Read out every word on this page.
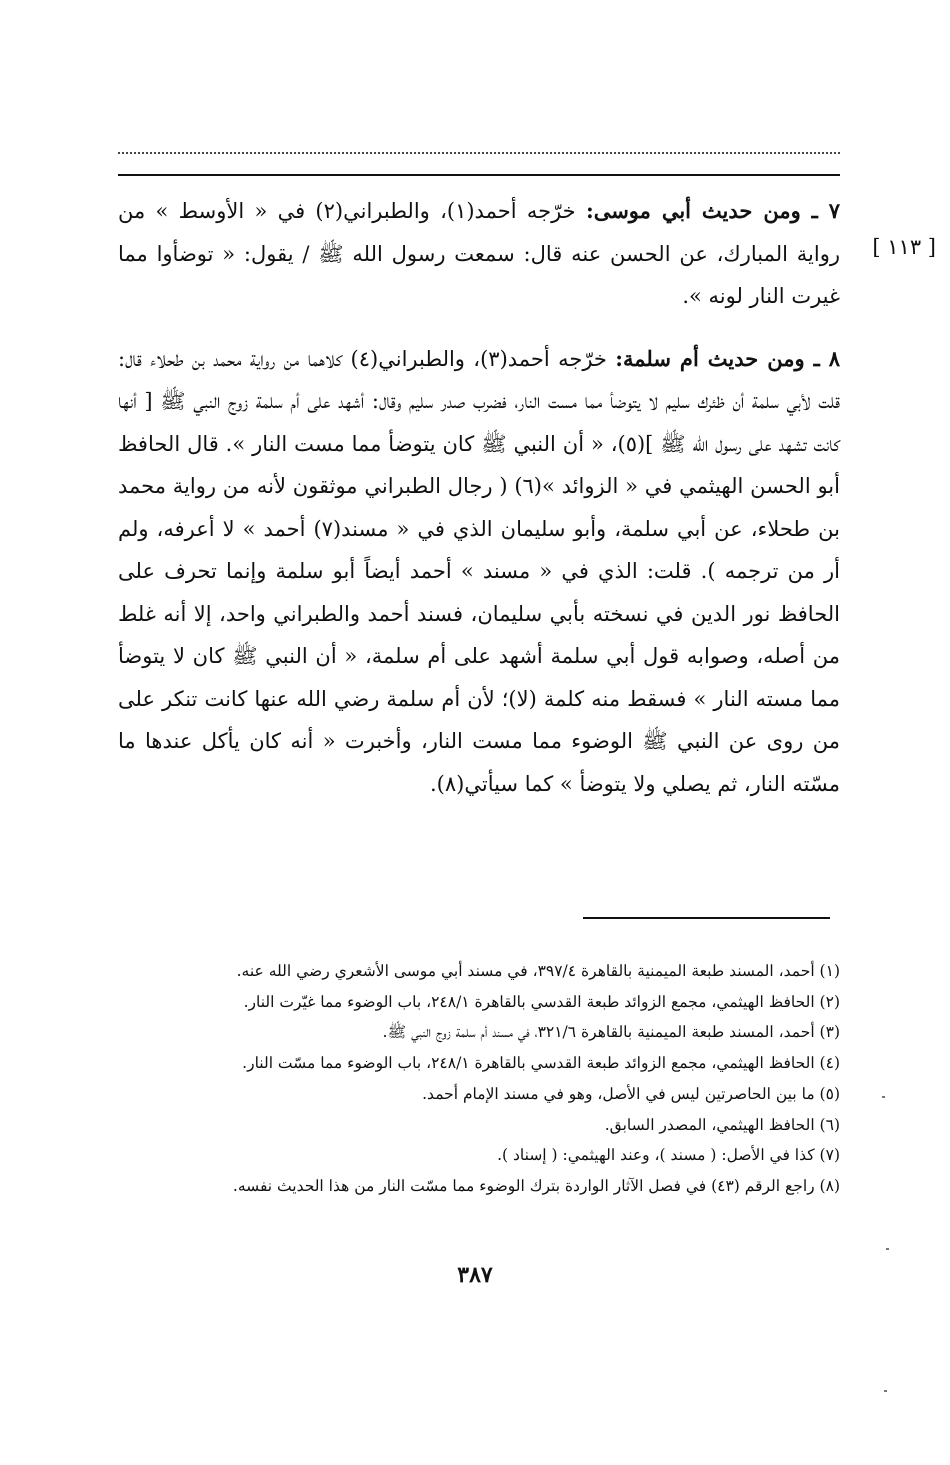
[ ١١٣ ]

٧ ـ ومن حديث أبي موسى: خرّجه أحمد(١)، والطبراني(٢) في « الأوسط » من رواية المبارك، عن الحسن عنه قال: سمعت رسول الله ﷺ / يقول: « توضأوا مما غيرت النار لونه ».

٨ ـ ومن حديث أم سلمة: خرّجه أحمد(٣)، والطبراني(٤) كلاهما من رواية محمد بن طحلاء قال: قلت لأبي سلمة أن ظئرك سليم لا يتوضأ مما مست النار، فضرب صدر سليم وقال: أشهد على أم سلمة زوج النبي ﷺ [ أنها كانت تشهد على رسول الله ﷺ ](٥)، « أن النبي ﷺ كان يتوضأ مما مست النار ». قال الحافظ أبو الحسن الهيثمي في « الزوائد »(٦) ( رجال الطبراني موثقون لأنه من رواية محمد بن طحلاء، عن أبي سلمة، وأبو سليمان الذي في « مسند(٧) أحمد » لا أعرفه، ولم أر من ترجمه ). قلت: الذي في « مسند » أحمد أيضاً أبو سلمة وإنما تحرف على الحافظ نور الدين في نسخته بأبي سليمان، فسند أحمد والطبراني واحد، إلا أنه غلط من أصله، وصوابه قول أبي سلمة أشهد على أم سلمة، « أن النبي ﷺ كان لا يتوضأ مما مسته النار » فسقط منه كلمة (لا)؛ لأن أم سلمة رضي الله عنها كانت تنكر على من روى عن النبي ﷺ الوضوء مما مست النار، وأخبرت « أنه كان يأكل عندها ما مسّته النار، ثم يصلي ولا يتوضأ » كما سيأتي(٨).

(١) أحمد، المسند طبعة الميمنية بالقاهرة ٣٩٧/٤، في مسند أبي موسى الأشعري رضي الله عنه.

(٢) الحافظ الهيثمي، مجمع الزوائد طبعة القدسي بالقاهرة ٢٤٨/١، باب الوضوء مما غيّرت النار.

(٣) أحمد، المسند طبعة الميمنية بالقاهرة ٣٢١/٦، في مسند أم سلمة زوج النبي ﷺ.

(٤) الحافظ الهيثمي، مجمع الزوائد طبعة القدسي بالقاهرة ٢٤٨/١، باب الوضوء مما مسّت النار.

(٥) ما بين الحاصرتين ليس في الأصل، وهو في مسند الإمام أحمد.

(٦) الحافظ الهيثمي، المصدر السابق.

(٧) كذا في الأصل: ( مسند )، وعند الهيثمي: ( إسناد ).

(٨) راجع الرقم (٤٣) في فصل الآثار الواردة بترك الوضوء مما مسّت النار من هذا الحديث نفسه.

٣٨٧
